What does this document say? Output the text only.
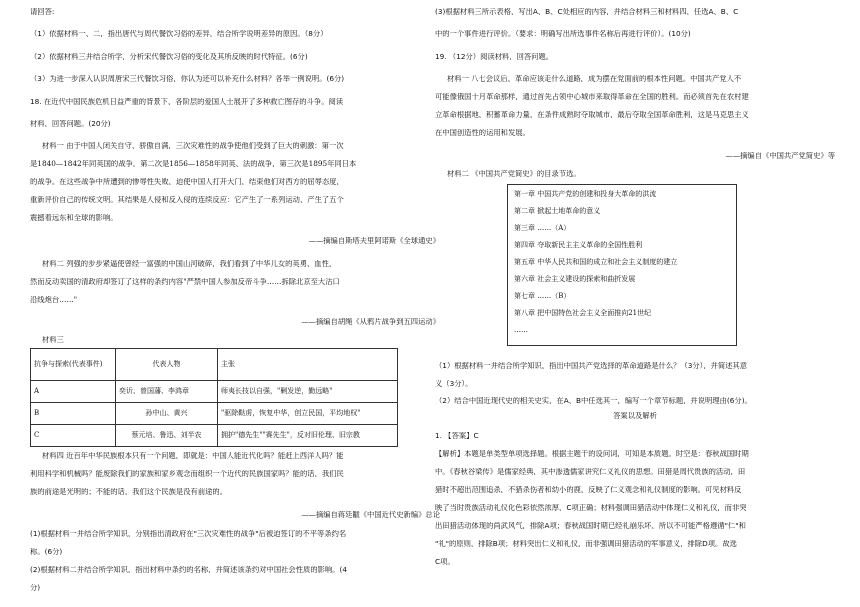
请回答:
（1）依据材料一、二，指出唐代与周代餐饮习俗的差异，结合所学说明差异的原因。（8分）
（2）依据材料三并结合所学，分析宋代餐饮习俗的变化及其所反映的时代特征。(6分)
（3）为进一步深入认识周唐宋三代餐饮习俗，你认为还可以补充什么材料？各举一例说明。(6分)
18. 在近代中国民族危机日益严重的背景下，各阶层的爱国人士展开了多种救亡图存的斗争。阅读
材料，回答问题。(20分)
材料一 由于中国人闭关自守、骄傲自满，三次灾难性的战争使他们受到了巨大的刺激：第一次
是1840—1842年同英国的战争，第二次是1856—1858年同英、法的战争，第三次是1895年同日本
的战争。在这些战争中所遭到的惨辱性失败，迫使中国人打开大门，结束他们对西方的屈辱态度，
重新评价自己的传统文明。其结果是人侵和反入侵的连续反应：它产生了一系列运动，产生了五个
震撼着远东和全球的影响。
——摘编自斯塔夫里阿诺斯《全球通史》
材料二 列强的步步紧逼使曾经一富强的中国山河破碎，我们看到了中华儿女的英勇、血性，
然而反动卖国的清政府却签订了这样的条约内容"严禁中国人参加反帝斗争……拆除北京至大沽口
沿线炮台……"
——摘编自胡绳《从鸦片战争到五四运动》
材料三
抗争与探索(代表事件)	代表人物	主张
A	奕䜣、曾国藩、李鸿章	师夷长技以自强，"剿发逆，勤远略"
B	孙中山、黄兴	"驱除鞑虏，恢复中华，创立民国，平均地权"
C	蔡元培、鲁迅、刘半农	拥护"德先生""赛先生"，反对旧伦理、旧宗教
材料四 近百年中华民族根本只有一个问题，即就是：中国人能近代化吗？能赶上西洋人吗？能
利用科学和机械吗？能废除我们的家族和家乡观念而组织一个近代的民族国家吗？能的话，我们民
族的前途是光明的；不能的话，我们这个民族是没有前途的。
——摘编自蒋廷黻《中国近代史新编》总论
(1)根据材料一并结合所学知识，分别指出清政府在"三次灾难性的战争"后被迫签订的不平等条约名
称。(6分)
(2)根据材料二并结合所学知识，指出材料中条约的名称，并简述该条约对中国社会性质的影响。(4
分)
(3)根据材料三所示表格，写出A、B、C处相应的内容，并结合材料三和材料四，任选A、B、C
中的一个事件进行评价。（要求：明确写出所选事件名称后再进行评价）。(10分)
19. （12分）阅读材料，回答问题。
材料一 八七会议后，革命应该走什么道路，成为摆在党面前的根本性问题。中国共产党人不
可能像俄国十月革命那样，通过首先占领中心城市来取得革命在全国的胜利。而必须首先在农村建
立革命根据地，积蓄革命力量，在条件成熟时夺取城市，最后夺取全国革命胜利，这是马克思主义
在中国创造性的运用和发展。
——摘编自《中国共产党简史》等
材料二 《中国共产党简史》的目录节选。
第一章 中国共产党的创建和投身大革命的洪流
第二章 掀起土地革命的意义
第三章 ……（A）
第四章 夺取新民主主义革命的全国性胜利
第五章 中华人民共和国的成立和社会主义制度的建立
第六章 社会主义建设的探索和曲折发展
第七章 ……（B）
第八章 把中国特色社会主义全面推向21世纪
……
（1）根据材料一并结合所学知识，指出中国共产党选择的革命道路是什么？（3分），并简述其意
义（3分）。
（2）结合中国近现代史的相关史实，在A、B中任选其一，编写一个章节标题，并说明理由(6分)。
答案以及解析
1. 【答案】C
【解析】本题是单类型单项选择题。根据主题干的设问词，可知是本质题。时空是：春秋战国时期
中。《春秋谷梁传》是儒家经典，其中渗透儒家讲究仁义礼仪的思想。田猎是周代贵族的活动，田
猎时不超出范围追杀，不猎杀伤者和幼小的鹿，反映了仁义观念和礼仪制度的影响。可见材料反
映了当时贵族活动礼仪化色彩依然浓厚，C项正确；材料强调田猎活动中体现仁义和礼仪，而非突
出田猎活动体现的尚武风气，排除A项；春秋战国时期已经礼崩乐坏，所以不可能严格遵循"仁"和
"礼"的原则，排除B项；材料突出仁义和礼仪，而非强调田猎活动的军事意义，排除D项。故选
C项。
